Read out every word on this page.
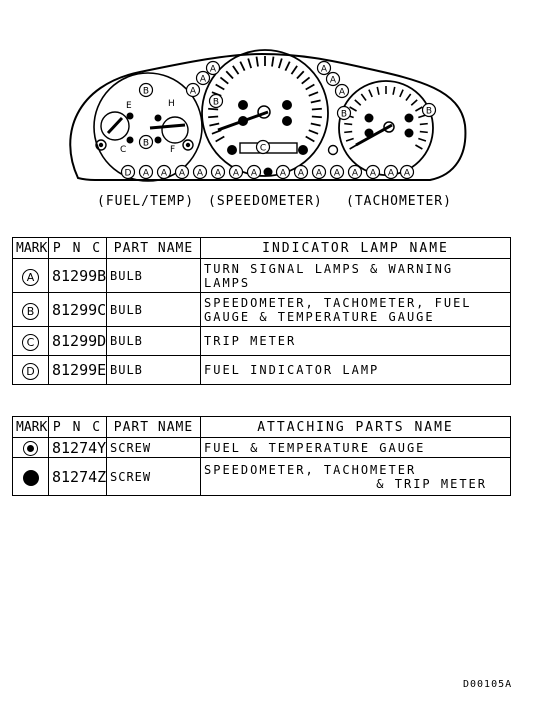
E	H
C	F
B
B
A
A
A
B
A
A
A
B	B
C
D A A A A A A A	A A A A A A A A
(FUEL/TEMP) (SPEEDOMETER) (TACHOMETER)
MARK	P N C	PART NAME	INDICATOR LAMP NAME
A	81299B	BULB	TURN SIGNAL LAMPS & WARNING
LAMPS

B	81299C	BULB	SPEEDOMETER, TACHOMETER, FUEL
GAUGE & TEMPERATURE GAUGE

C	81299D	BULB	TRIP METER
D	81299E	BULB	FUEL INDICATOR LAMP
MARK	P N C	PART NAME	ATTACHING PARTS NAME
	81274Y	SCREW	FUEL & TEMPERATURE GAUGE
	81274Z	SCREW	SPEEDOMETER, TACHOMETER
& TRIP METER
D00105A
